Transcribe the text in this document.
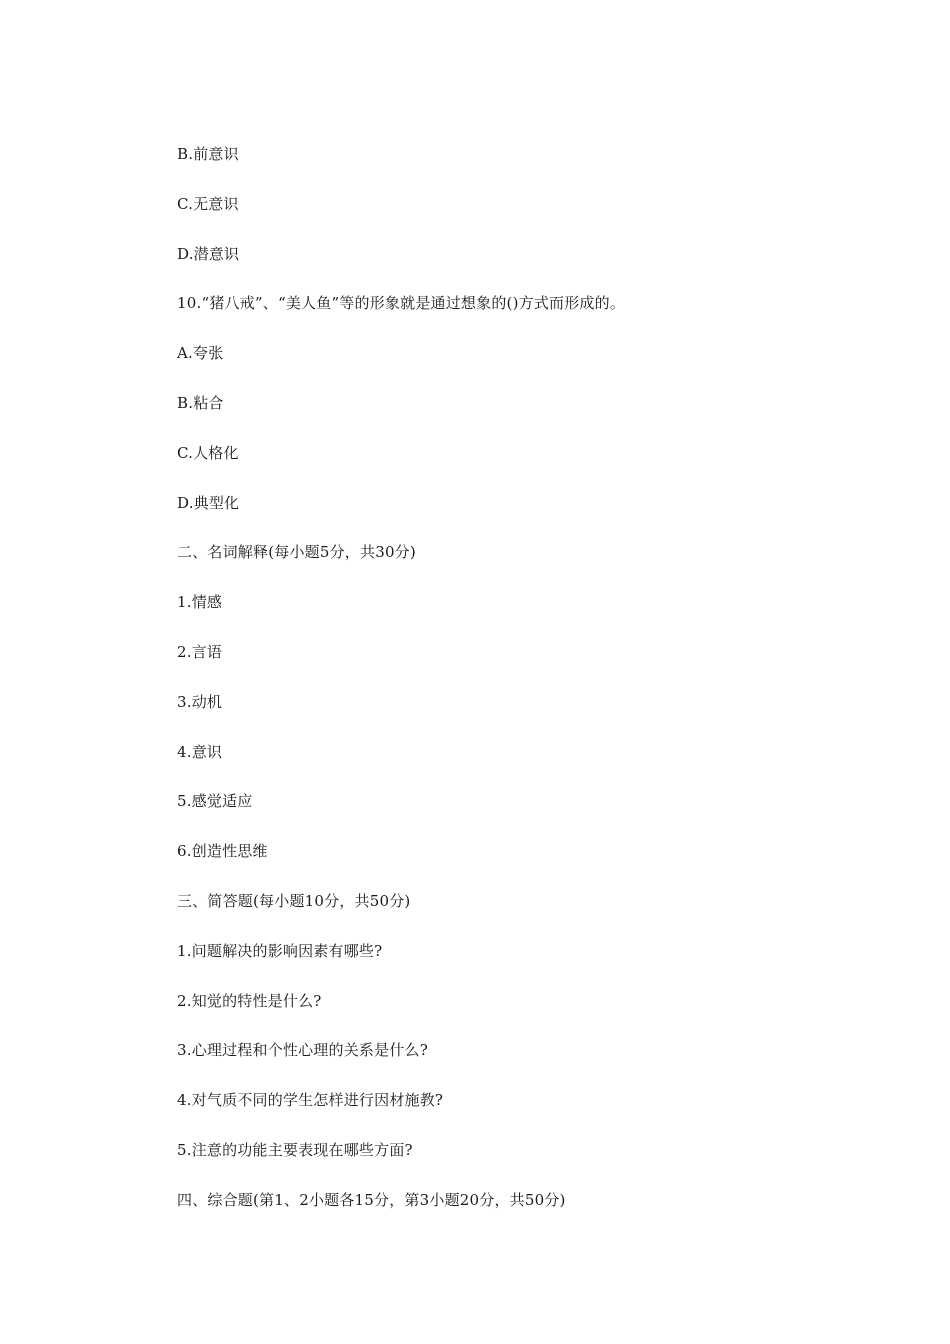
B.前意识
C.无意识
D.潜意识
10.“猪八戒”、“美人鱼”等的形象就是通过想象的()方式而形成的。
A.夸张
B.粘合
C.人格化
D.典型化
二、名词解释(每小题5分，共30分)
1.情感
2.言语
3.动机
4.意识
5.感觉适应
6.创造性思维
三、简答题(每小题10分，共50分)
1.问题解决的影响因素有哪些?
2.知觉的特性是什么?
3.心理过程和个性心理的关系是什么?
4.对气质不同的学生怎样进行因材施教?
5.注意的功能主要表现在哪些方面?
四、综合题(第1、2小题各15分，第3小题20分，共50分)
